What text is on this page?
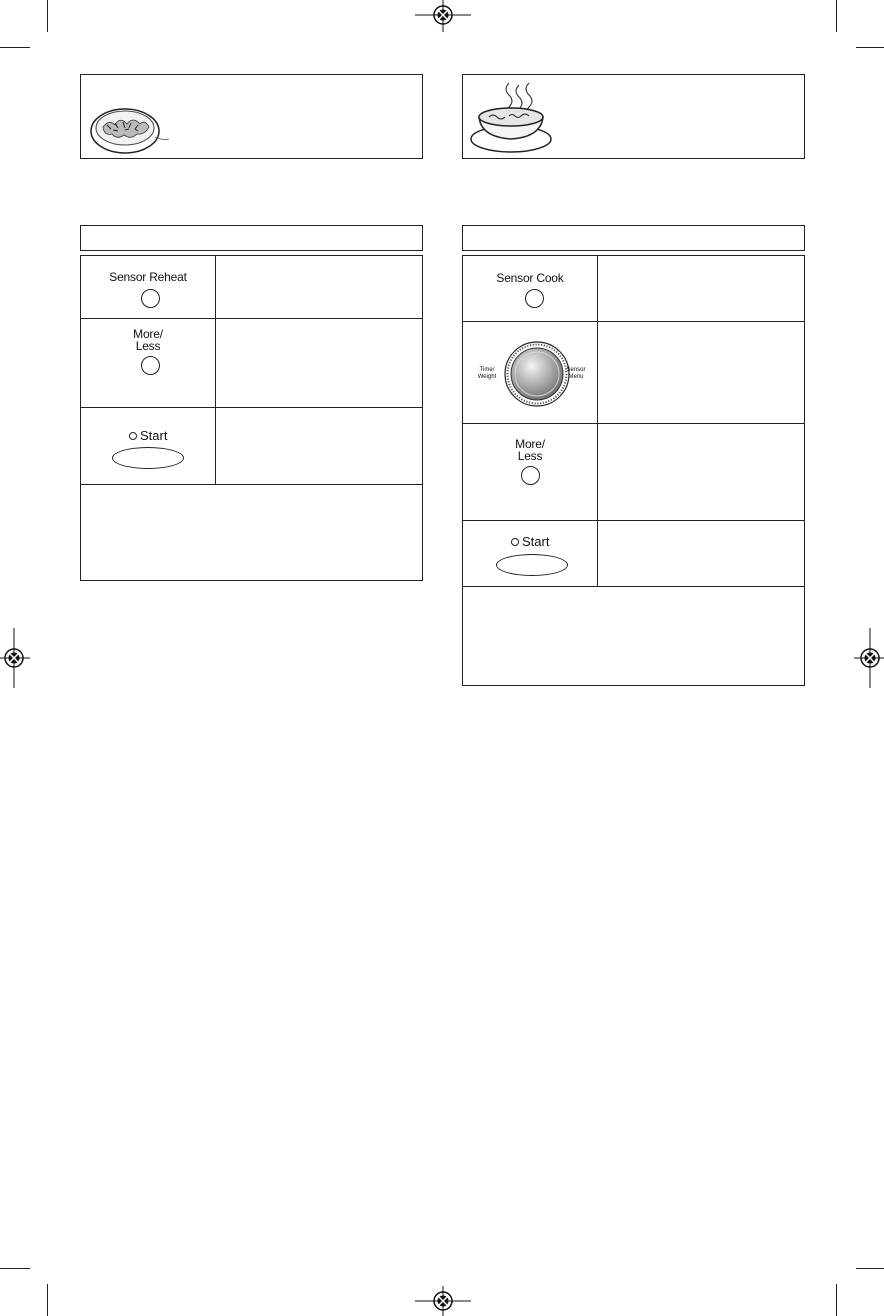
Sensor Reheat
More/
Less
Start
Sensor Cook
Time/
Weight
Sensor
Menu
More/
Less
Start
